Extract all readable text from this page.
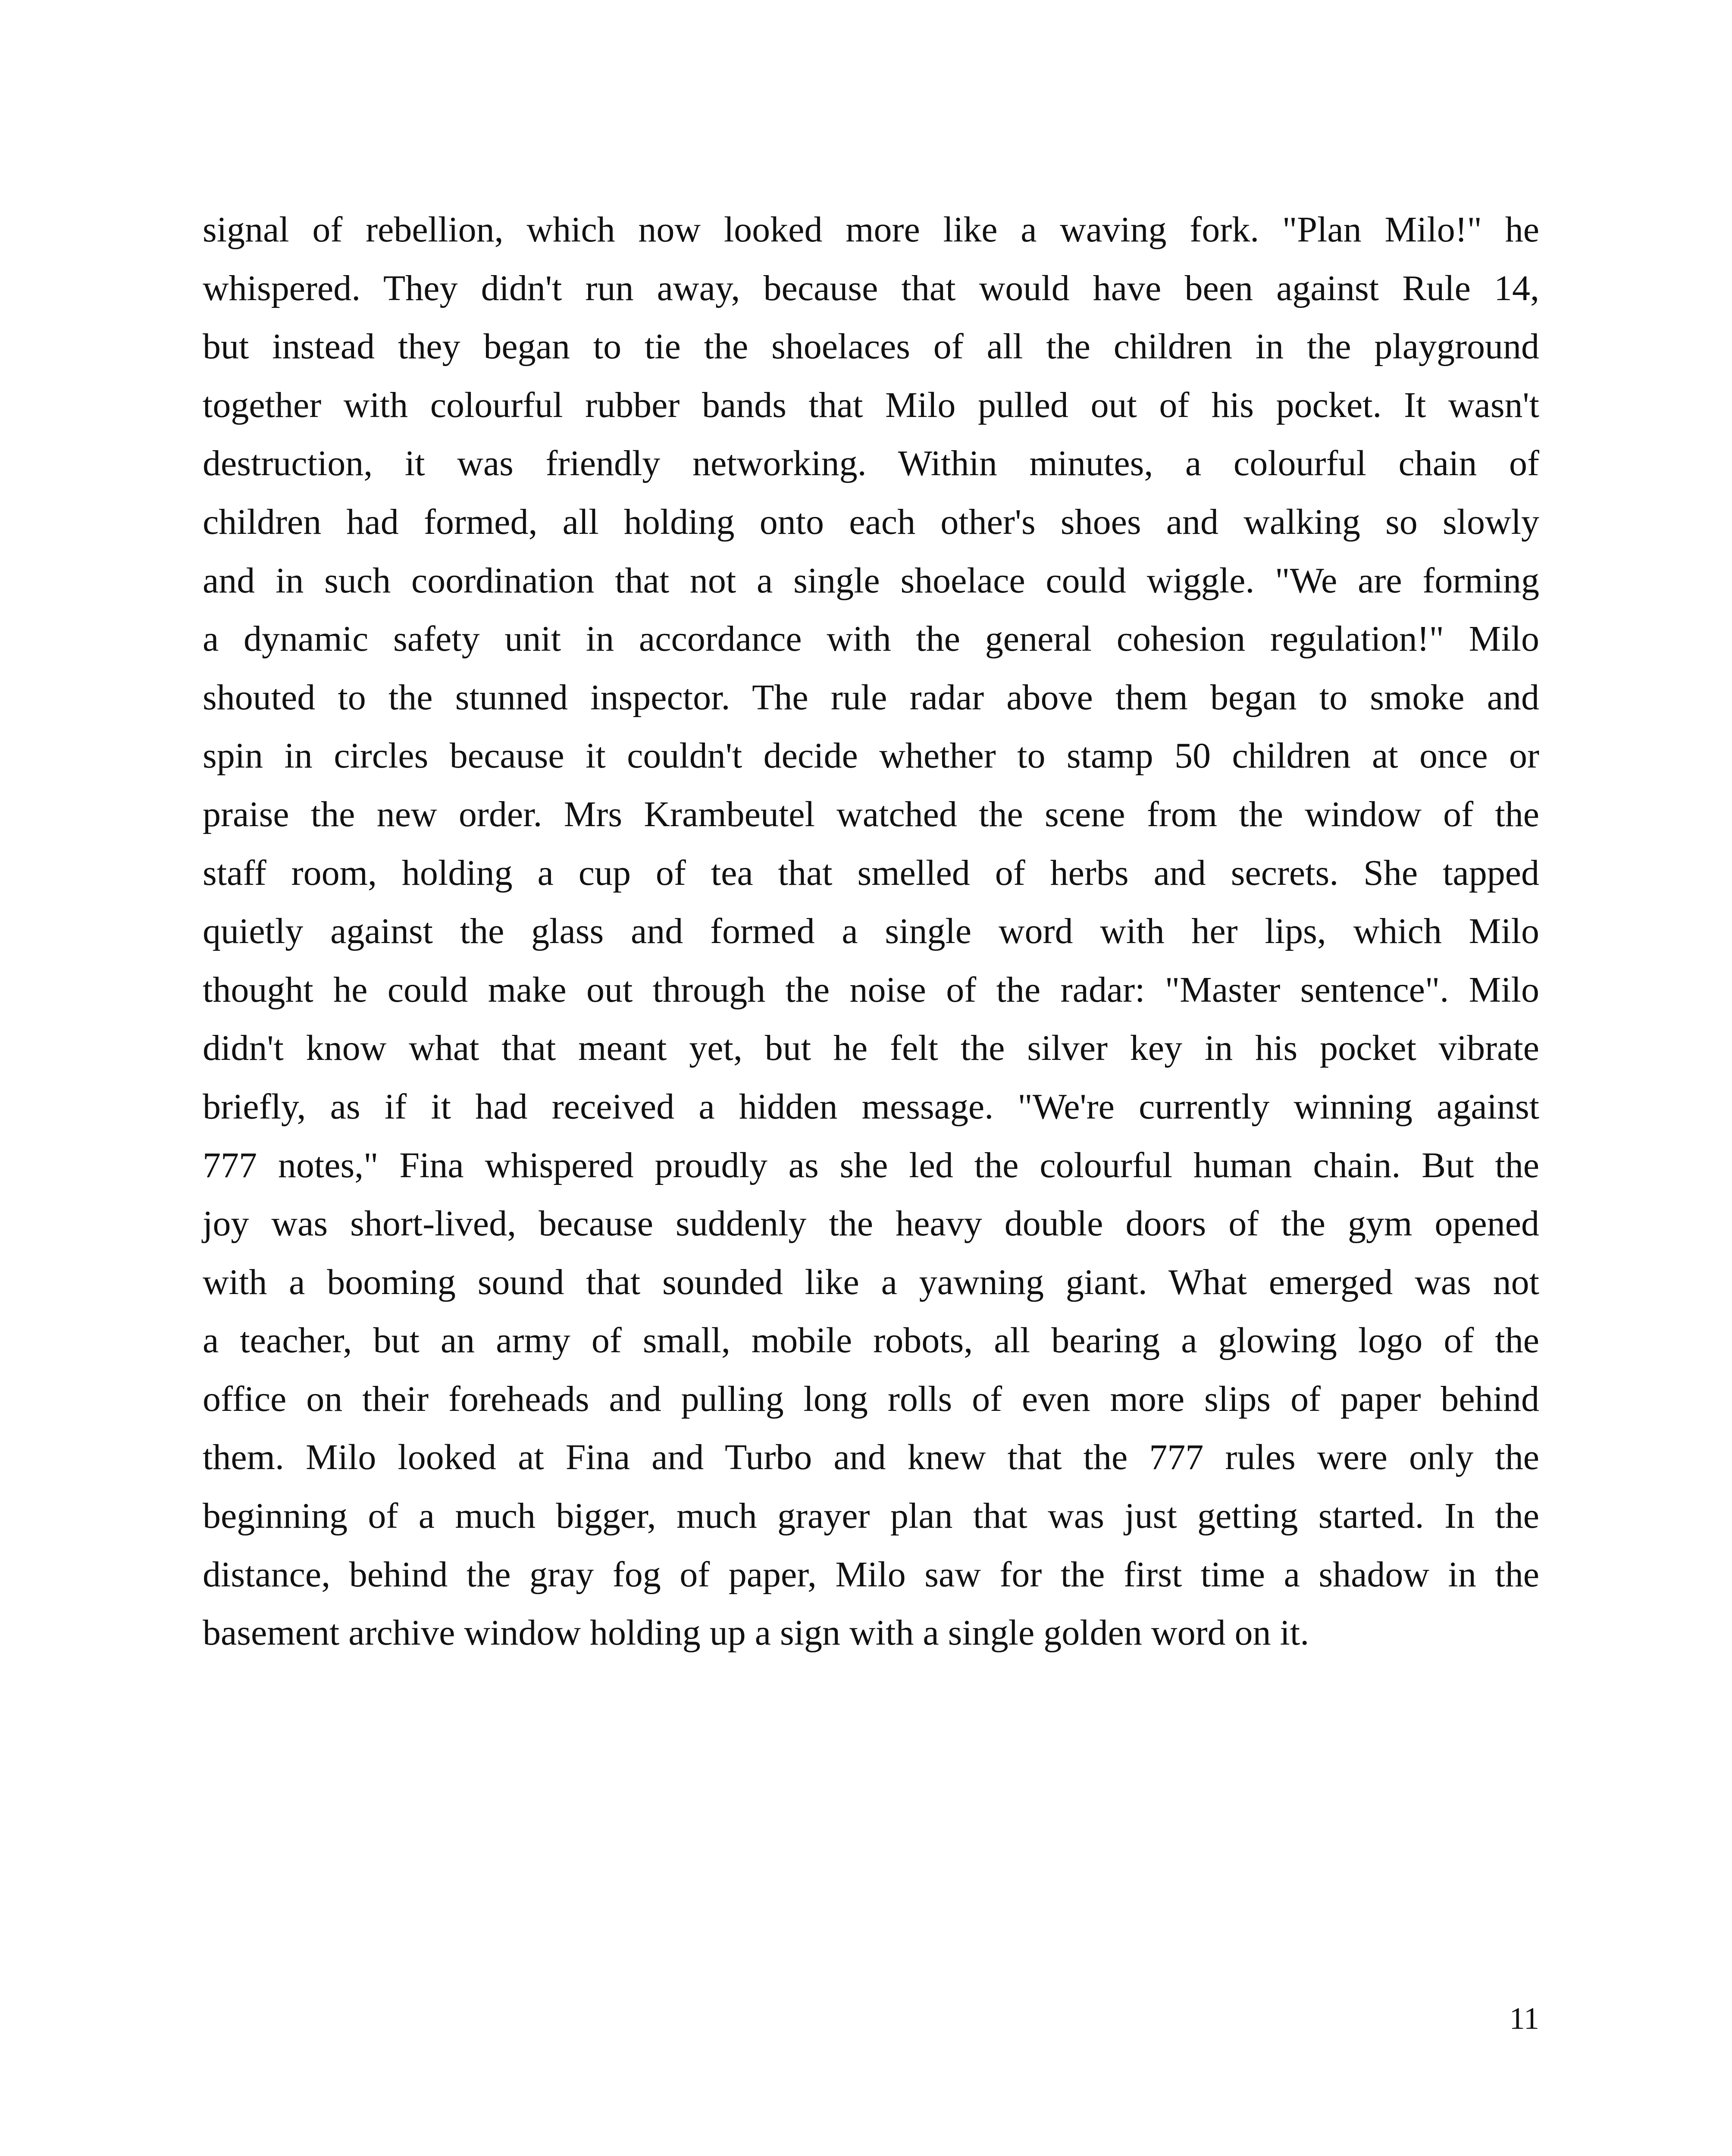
signal of rebellion, which now looked more like a waving fork. "Plan Milo!" he
whispered. They didn't run away, because that would have been against Rule 14,
but instead they began to tie the shoelaces of all the children in the playground
together with colourful rubber bands that Milo pulled out of his pocket. It wasn't
destruction, it was friendly networking. Within minutes, a colourful chain of
children had formed, all holding onto each other's shoes and walking so slowly
and in such coordination that not a single shoelace could wiggle. "We are forming
a dynamic safety unit in accordance with the general cohesion regulation!" Milo
shouted to the stunned inspector. The rule radar above them began to smoke and
spin in circles because it couldn't decide whether to stamp 50 children at once or
praise the new order. Mrs Krambeutel watched the scene from the window of the
staff room, holding a cup of tea that smelled of herbs and secrets. She tapped
quietly against the glass and formed a single word with her lips, which Milo
thought he could make out through the noise of the radar: "Master sentence". Milo
didn't know what that meant yet, but he felt the silver key in his pocket vibrate
briefly, as if it had received a hidden message. "We're currently winning against
777 notes," Fina whispered proudly as she led the colourful human chain. But the
joy was short-lived, because suddenly the heavy double doors of the gym opened
with a booming sound that sounded like a yawning giant. What emerged was not
a teacher, but an army of small, mobile robots, all bearing a glowing logo of the
office on their foreheads and pulling long rolls of even more slips of paper behind
them. Milo looked at Fina and Turbo and knew that the 777 rules were only the
beginning of a much bigger, much grayer plan that was just getting started. In the
distance, behind the gray fog of paper, Milo saw for the first time a shadow in the
basement archive window holding up a sign with a single golden word on it.
11
